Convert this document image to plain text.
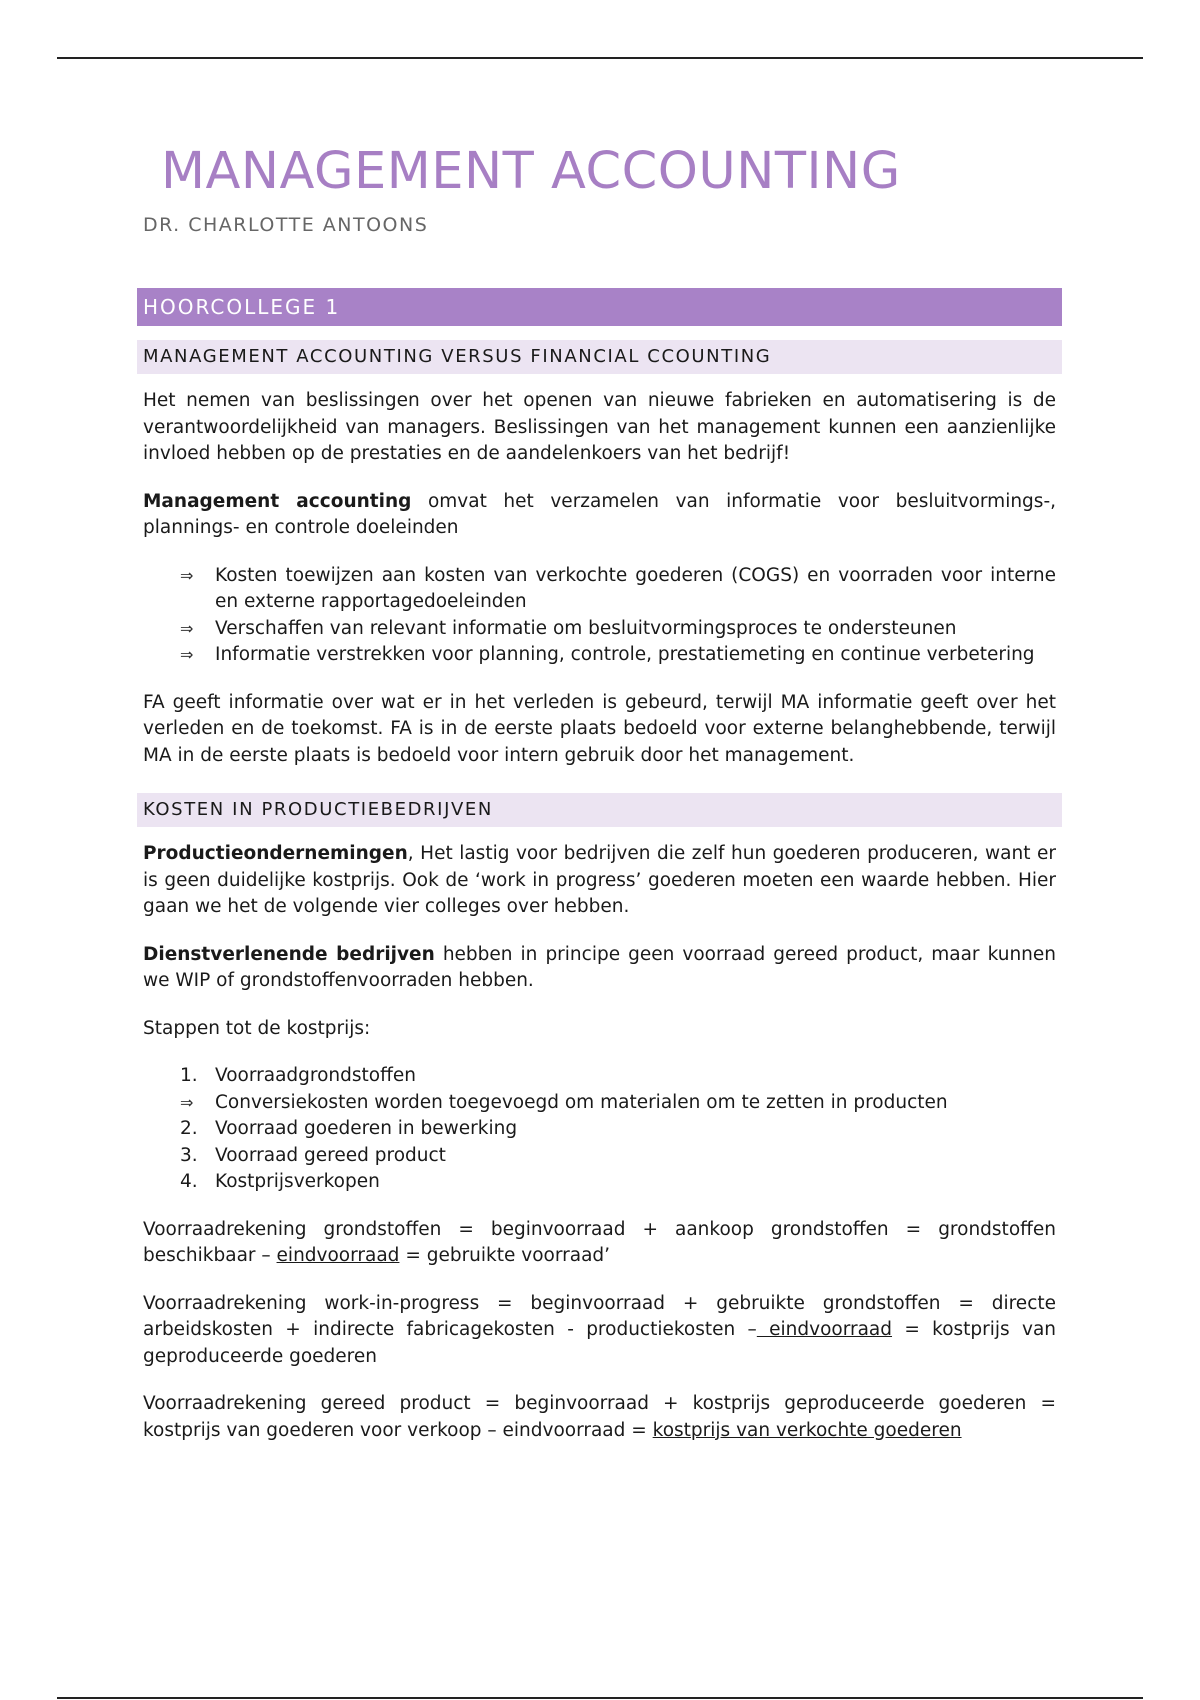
MANAGEMENT ACCOUNTING
DR. CHARLOTTE ANTOONS
HOORCOLLEGE 1
MANAGEMENT ACCOUNTING VERSUS FINANCIAL CCOUNTING

Het nemen van beslissingen over het openen van nieuwe fabrieken en automatisering is de verantwoordelijkheid van managers. Beslissingen van het management kunnen een aanzienlijke invloed hebben op de prestaties en de aandelenkoers van het bedrijf!

Management accounting omvat het verzamelen van informatie voor besluitvormings-, plannings- en controle doeleinden

⇒	Kosten toewijzen aan kosten van verkochte goederen (COGS) en voorraden voor interne en externe rapportagedoeleinden
⇒	Verschaffen van relevant informatie om besluitvormingsproces te ondersteunen
⇒	Informatie verstrekken voor planning, controle, prestatiemeting en continue verbetering

FA geeft informatie over wat er in het verleden is gebeurd, terwijl MA informatie geeft over het verleden en de toekomst. FA is in de eerste plaats bedoeld voor externe belanghebbende, terwijl MA in de eerste plaats is bedoeld voor intern gebruik door het management.

KOSTEN IN PRODUCTIEBEDRIJVEN

Productieondernemingen, Het lastig voor bedrijven die zelf hun goederen produceren, want er is geen duidelijke kostprijs. Ook de ‘work in progress’ goederen moeten een waarde hebben. Hier gaan we het de volgende vier colleges over hebben.

Dienstverlenende bedrijven hebben in principe geen voorraad gereed product, maar kunnen we WIP of grondstoffenvoorraden hebben.

Stappen tot de kostprijs:

1. Voorraadgrondstoffen
⇒	Conversiekosten worden toegevoegd om materialen om te zetten in producten
2. Voorraad goederen in bewerking
3. Voorraad gereed product
4. Kostprijsverkopen

Voorraadrekening grondstoffen = beginvoorraad + aankoop grondstoffen = grondstoffen beschikbaar – eindvoorraad = gebruikte voorraad’

Voorraadrekening work-in-progress = beginvoorraad + gebruikte grondstoffen = directe arbeidskosten + indirecte fabricagekosten - productiekosten – eindvoorraad = kostprijs van geproduceerde goederen

Voorraadrekening gereed product = beginvoorraad + kostprijs geproduceerde goederen = kostprijs van goederen voor verkoop – eindvoorraad = kostprijs van verkochte goederen
